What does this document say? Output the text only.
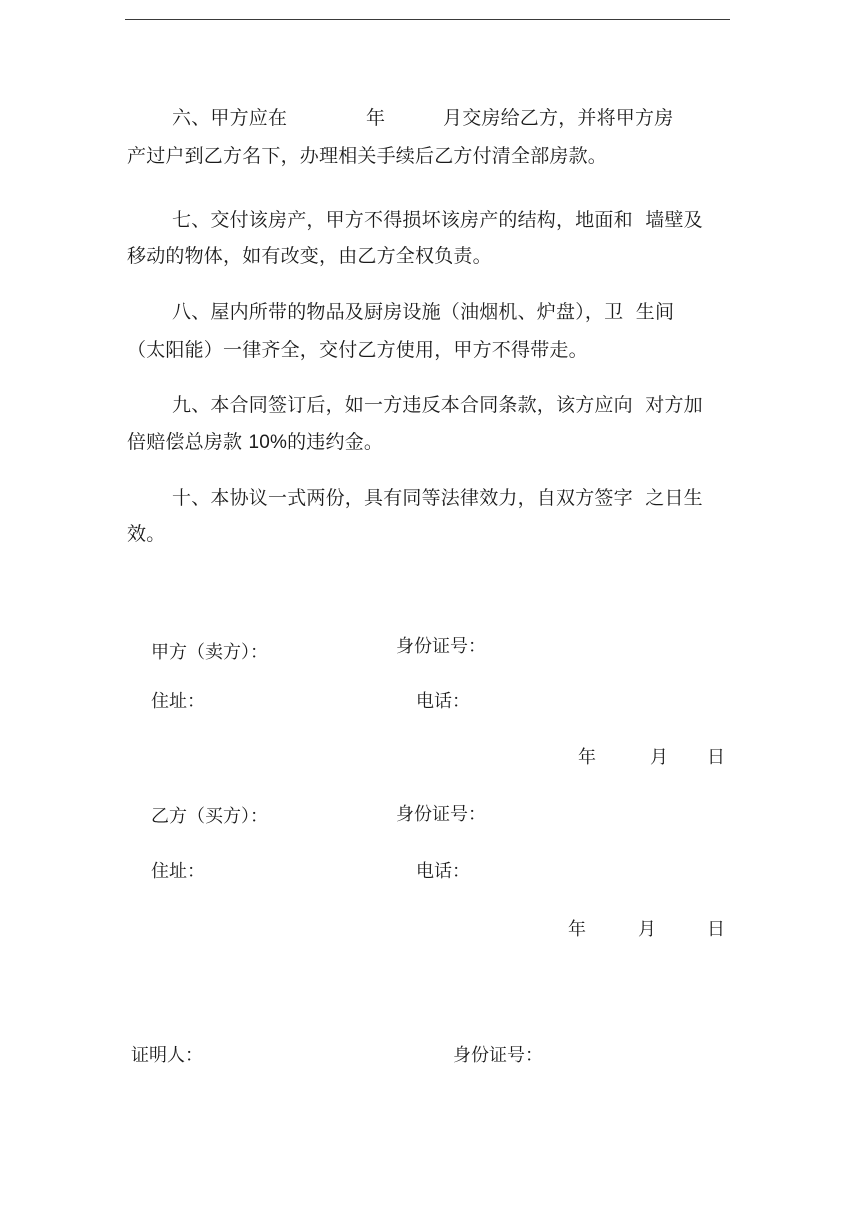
六、甲方应在	年	月交房给乙方，并将甲方房
产过户到乙方名下，办理相关手续后乙方付清全部房款。
七、交付该房产，甲方不得损坏该房产的结构，地面和  墙壁及
移动的物体，如有改变，由乙方全权负责。
八、屋内所带的物品及厨房设施（油烟机、炉盘），卫  生间
（太阳能）一律齐全，交付乙方使用，甲方不得带走。
九、本合同签订后，如一方违反本合同条款，该方应向  对方加
倍赔偿总房款 10%的违约金。
十、本协议一式两份，具有同等法律效力，自双方签字  之日生
效。
甲方（卖方）：	身份证号：
住址：	电话：
年	月 日
乙方（买方）：	身份证号：
住址：	电话：
年	月	日
证明人：	身份证号：
